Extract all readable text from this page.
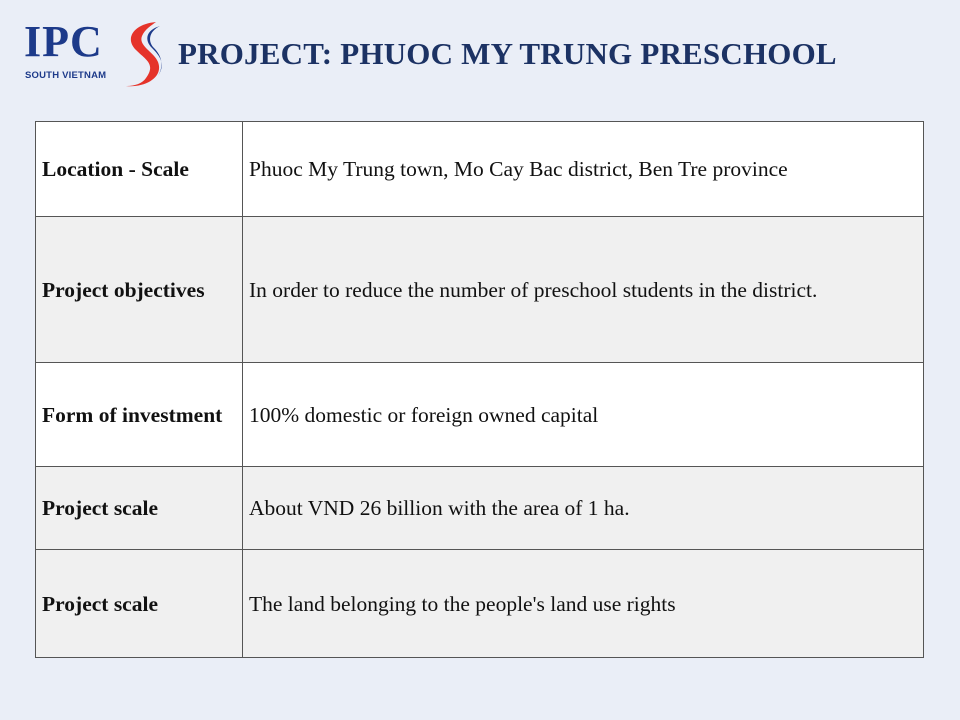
IPC
SOUTH VIETNAM
PROJECT: PHUOC MY TRUNG PRESCHOOL
Location - Scale	Phuoc My Trung town, Mo Cay Bac district, Ben Tre province
Project objectives	In order to reduce the number of preschool students in the district.
Form of investment	100% domestic or foreign owned capital
Project scale	About VND 26 billion with the area of 1 ha.
Project scale	The land belonging to the people's land use rights
